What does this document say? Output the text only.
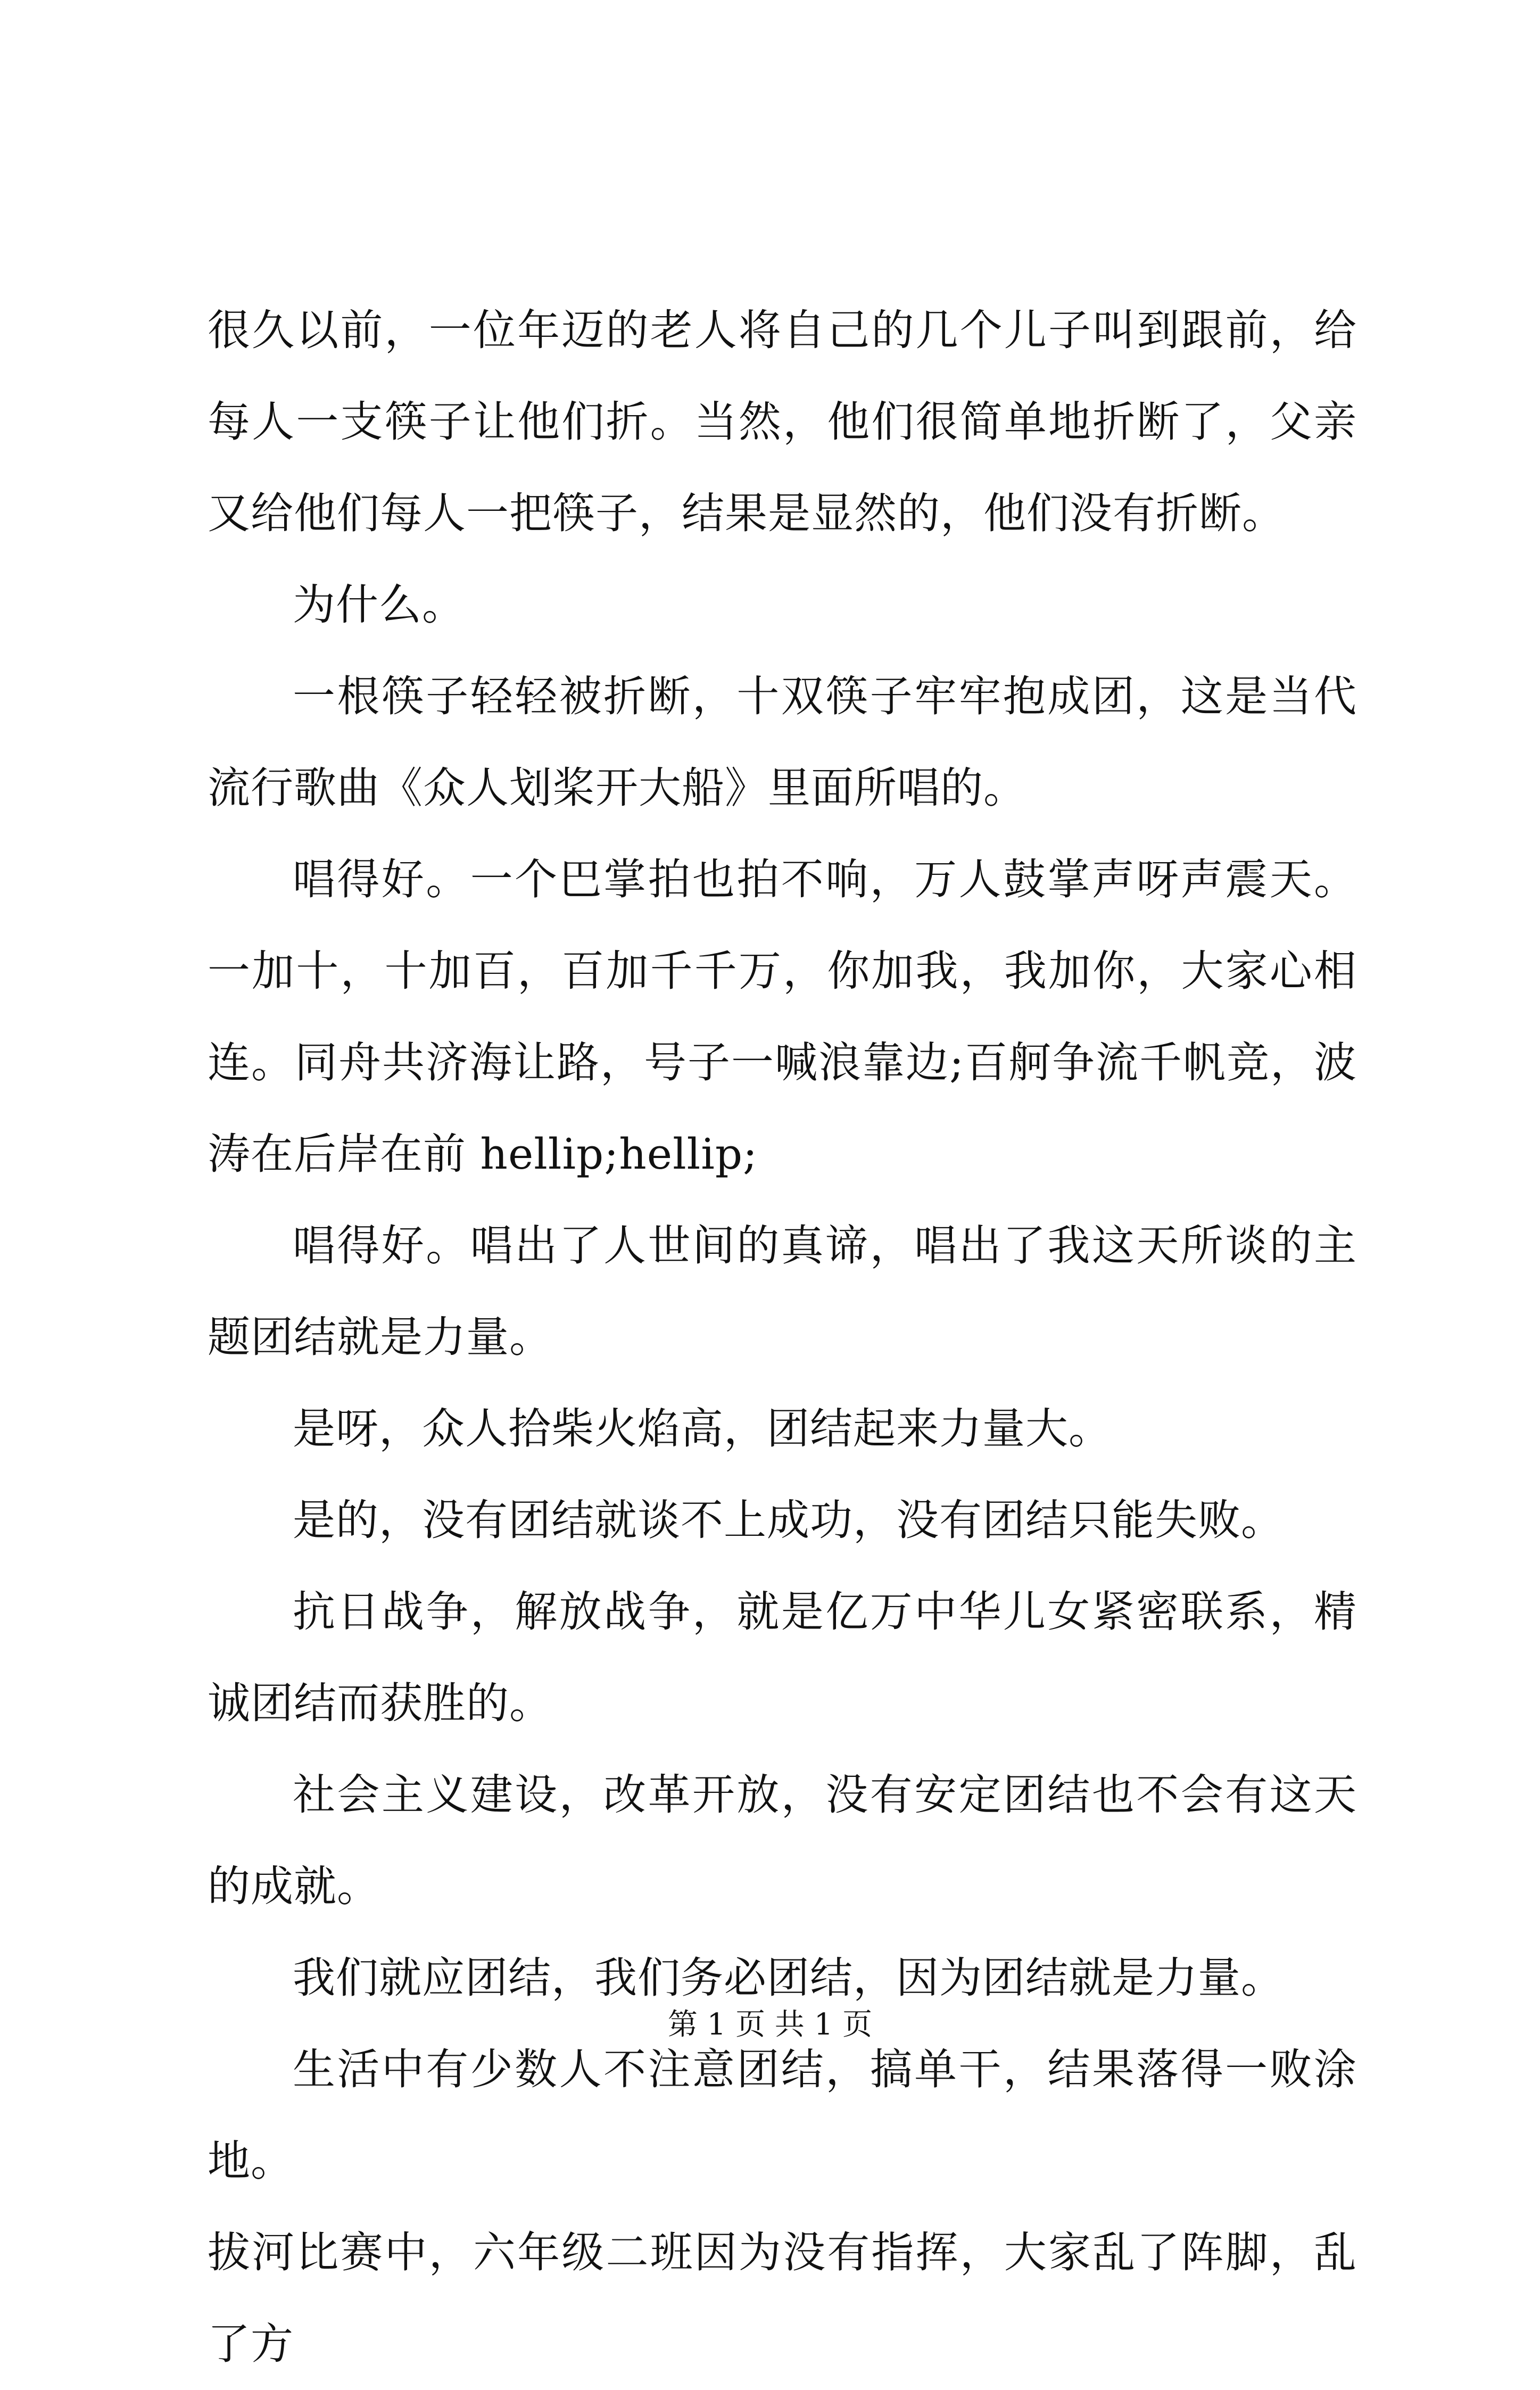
很久以前，一位年迈的老人将自己的几个儿子叫到跟前，给每人一支筷子让他们折。当然，他们很简单地折断了，父亲又给他们每人一把筷子，结果是显然的，他们没有折断。

为什么。

一根筷子轻轻被折断，十双筷子牢牢抱成团，这是当代流行歌曲《众人划桨开大船》里面所唱的。

唱得好。一个巴掌拍也拍不响，万人鼓掌声呀声震天。一加十，十加百，百加千千万，你加我，我加你，大家心相连。同舟共济海让路，号子一喊浪靠边;百舸争流千帆竞，波涛在后岸在前 hellip;hellip;

唱得好。唱出了人世间的真谛，唱出了我这天所谈的主题团结就是力量。

是呀，众人拾柴火焰高，团结起来力量大。

是的，没有团结就谈不上成功，没有团结只能失败。

抗日战争，解放战争，就是亿万中华儿女紧密联系，精诚团结而获胜的。

社会主义建设，改革开放，没有安定团结也不会有这天的成就。

我们就应团结，我们务必团结，因为团结就是力量。

生活中有少数人不注意团结，搞单干，结果落得一败涂地。

拔河比赛中，六年级二班因为没有指挥，大家乱了阵脚，乱了方

第 1 页 共 1 页
